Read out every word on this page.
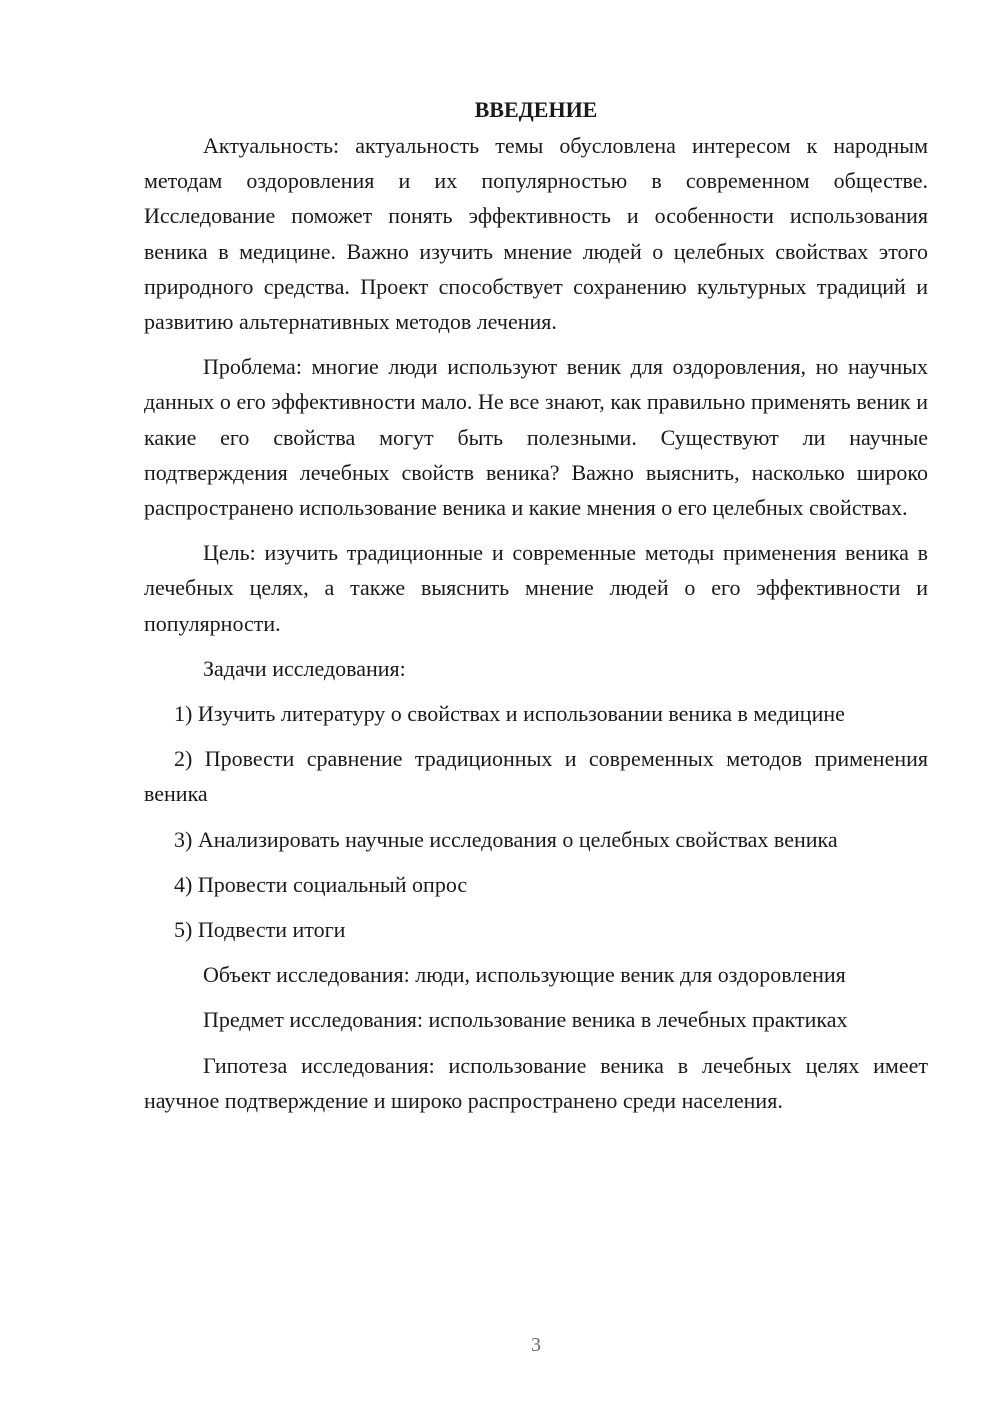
ВВЕДЕНИЕ

Актуальность: актуальность темы обусловлена интересом к народным методам оздоровления и их популярностью в современном обществе. Исследование поможет понять эффективность и особенности использования веника в медицине. Важно изучить мнение людей о целебных свойствах этого природного средства. Проект способствует сохранению культурных традиций и развитию альтернативных методов лечения.

Проблема: многие люди используют веник для оздоровления, но научных данных о его эффективности мало. Не все знают, как правильно применять веник и какие его свойства могут быть полезными. Существуют ли научные подтверждения лечебных свойств веника? Важно выяснить, насколько широко распространено использование веника и какие мнения о его целебных свойствах.

Цель: изучить традиционные и современные методы применения веника в лечебных целях, а также выяснить мнение людей о его эффективности и популярности.

Задачи исследования:

1) Изучить литературу о свойствах и использовании веника в медицине

2) Провести сравнение традиционных и современных методов применения веника

3) Анализировать научные исследования о целебных свойствах веника

4) Провести социальный опрос

5) Подвести итоги

Объект исследования: люди, использующие веник для оздоровления

Предмет исследования: использование веника в лечебных практиках

Гипотеза исследования: использование веника в лечебных целях имеет научное подтверждение и широко распространено среди населения.

3
